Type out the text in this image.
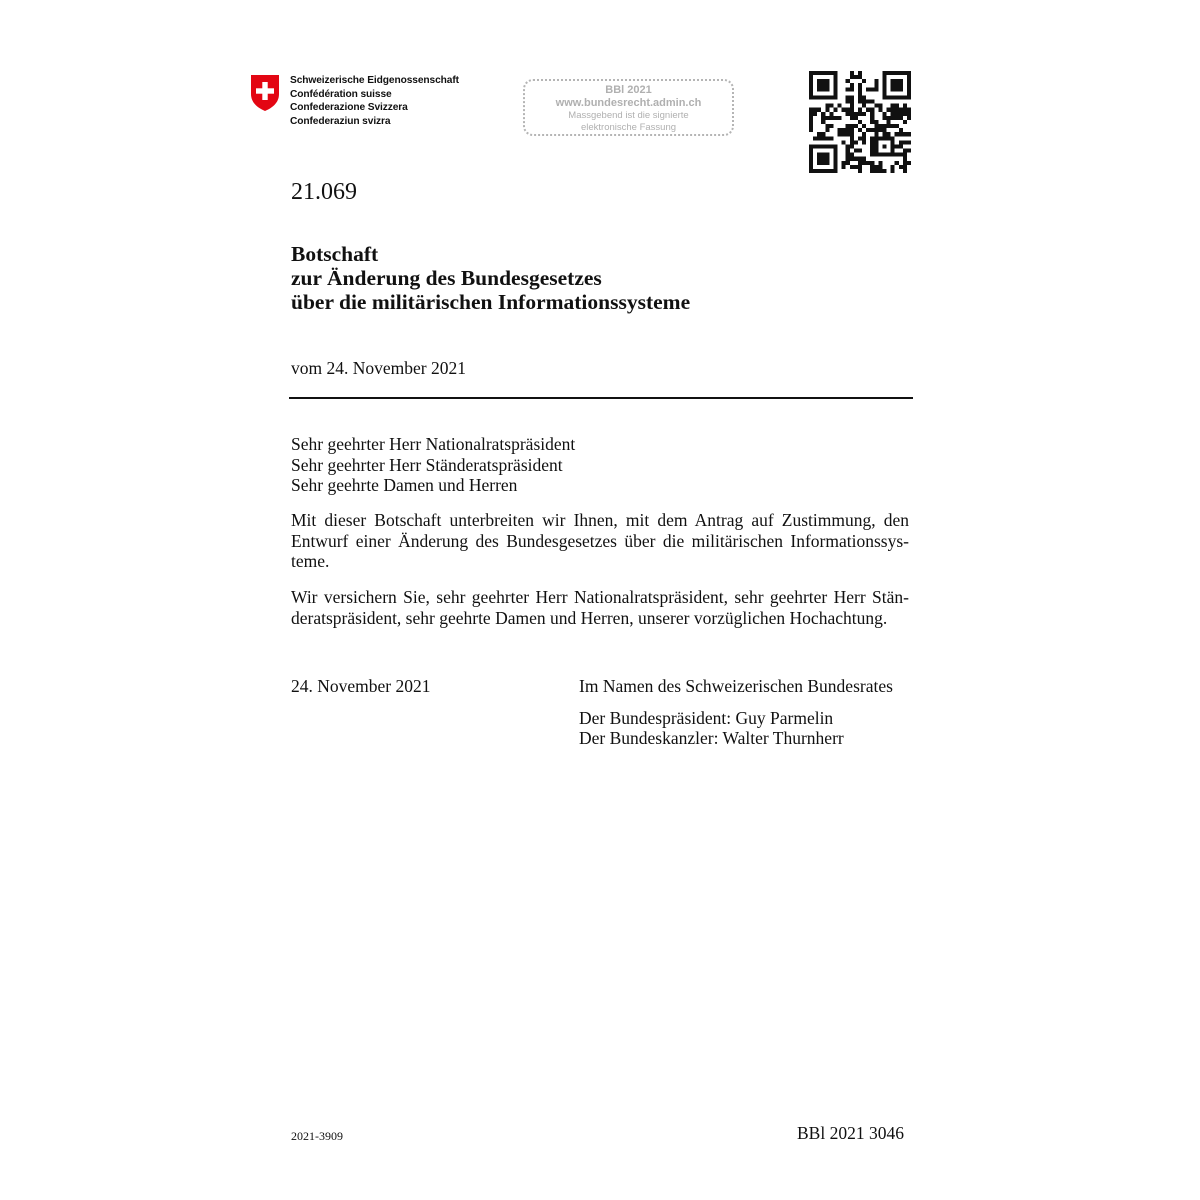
Schweizerische Eidgenossenschaft
Confédération suisse
Confederazione Svizzera
Confederaziun svizra
BBl 2021
www.bundesrecht.admin.ch
Massgebend ist die signierte
elektronische Fassung
21.069
Botschaft
zur Änderung des Bundesgesetzes
über die militärischen Informationssysteme
vom 24. November 2021
Sehr geehrter Herr Nationalratspräsident
Sehr geehrter Herr Ständeratspräsident
Sehr geehrte Damen und Herren
Mit dieser Botschaft unterbreiten wir Ihnen, mit dem Antrag auf Zustimmung, den
Entwurf einer Änderung des Bundesgesetzes über die militärischen Informationssys-
teme.
Wir versichern Sie, sehr geehrter Herr Nationalratspräsident, sehr geehrter Herr Stän-
deratspräsident, sehr geehrte Damen und Herren, unserer vorzüglichen Hochachtung.
24. November 2021	Im Namen des Schweizerischen Bundesrates
Der Bundespräsident: Guy Parmelin
Der Bundeskanzler: Walter Thurnherr
2021-3909	BBl 2021 3046
